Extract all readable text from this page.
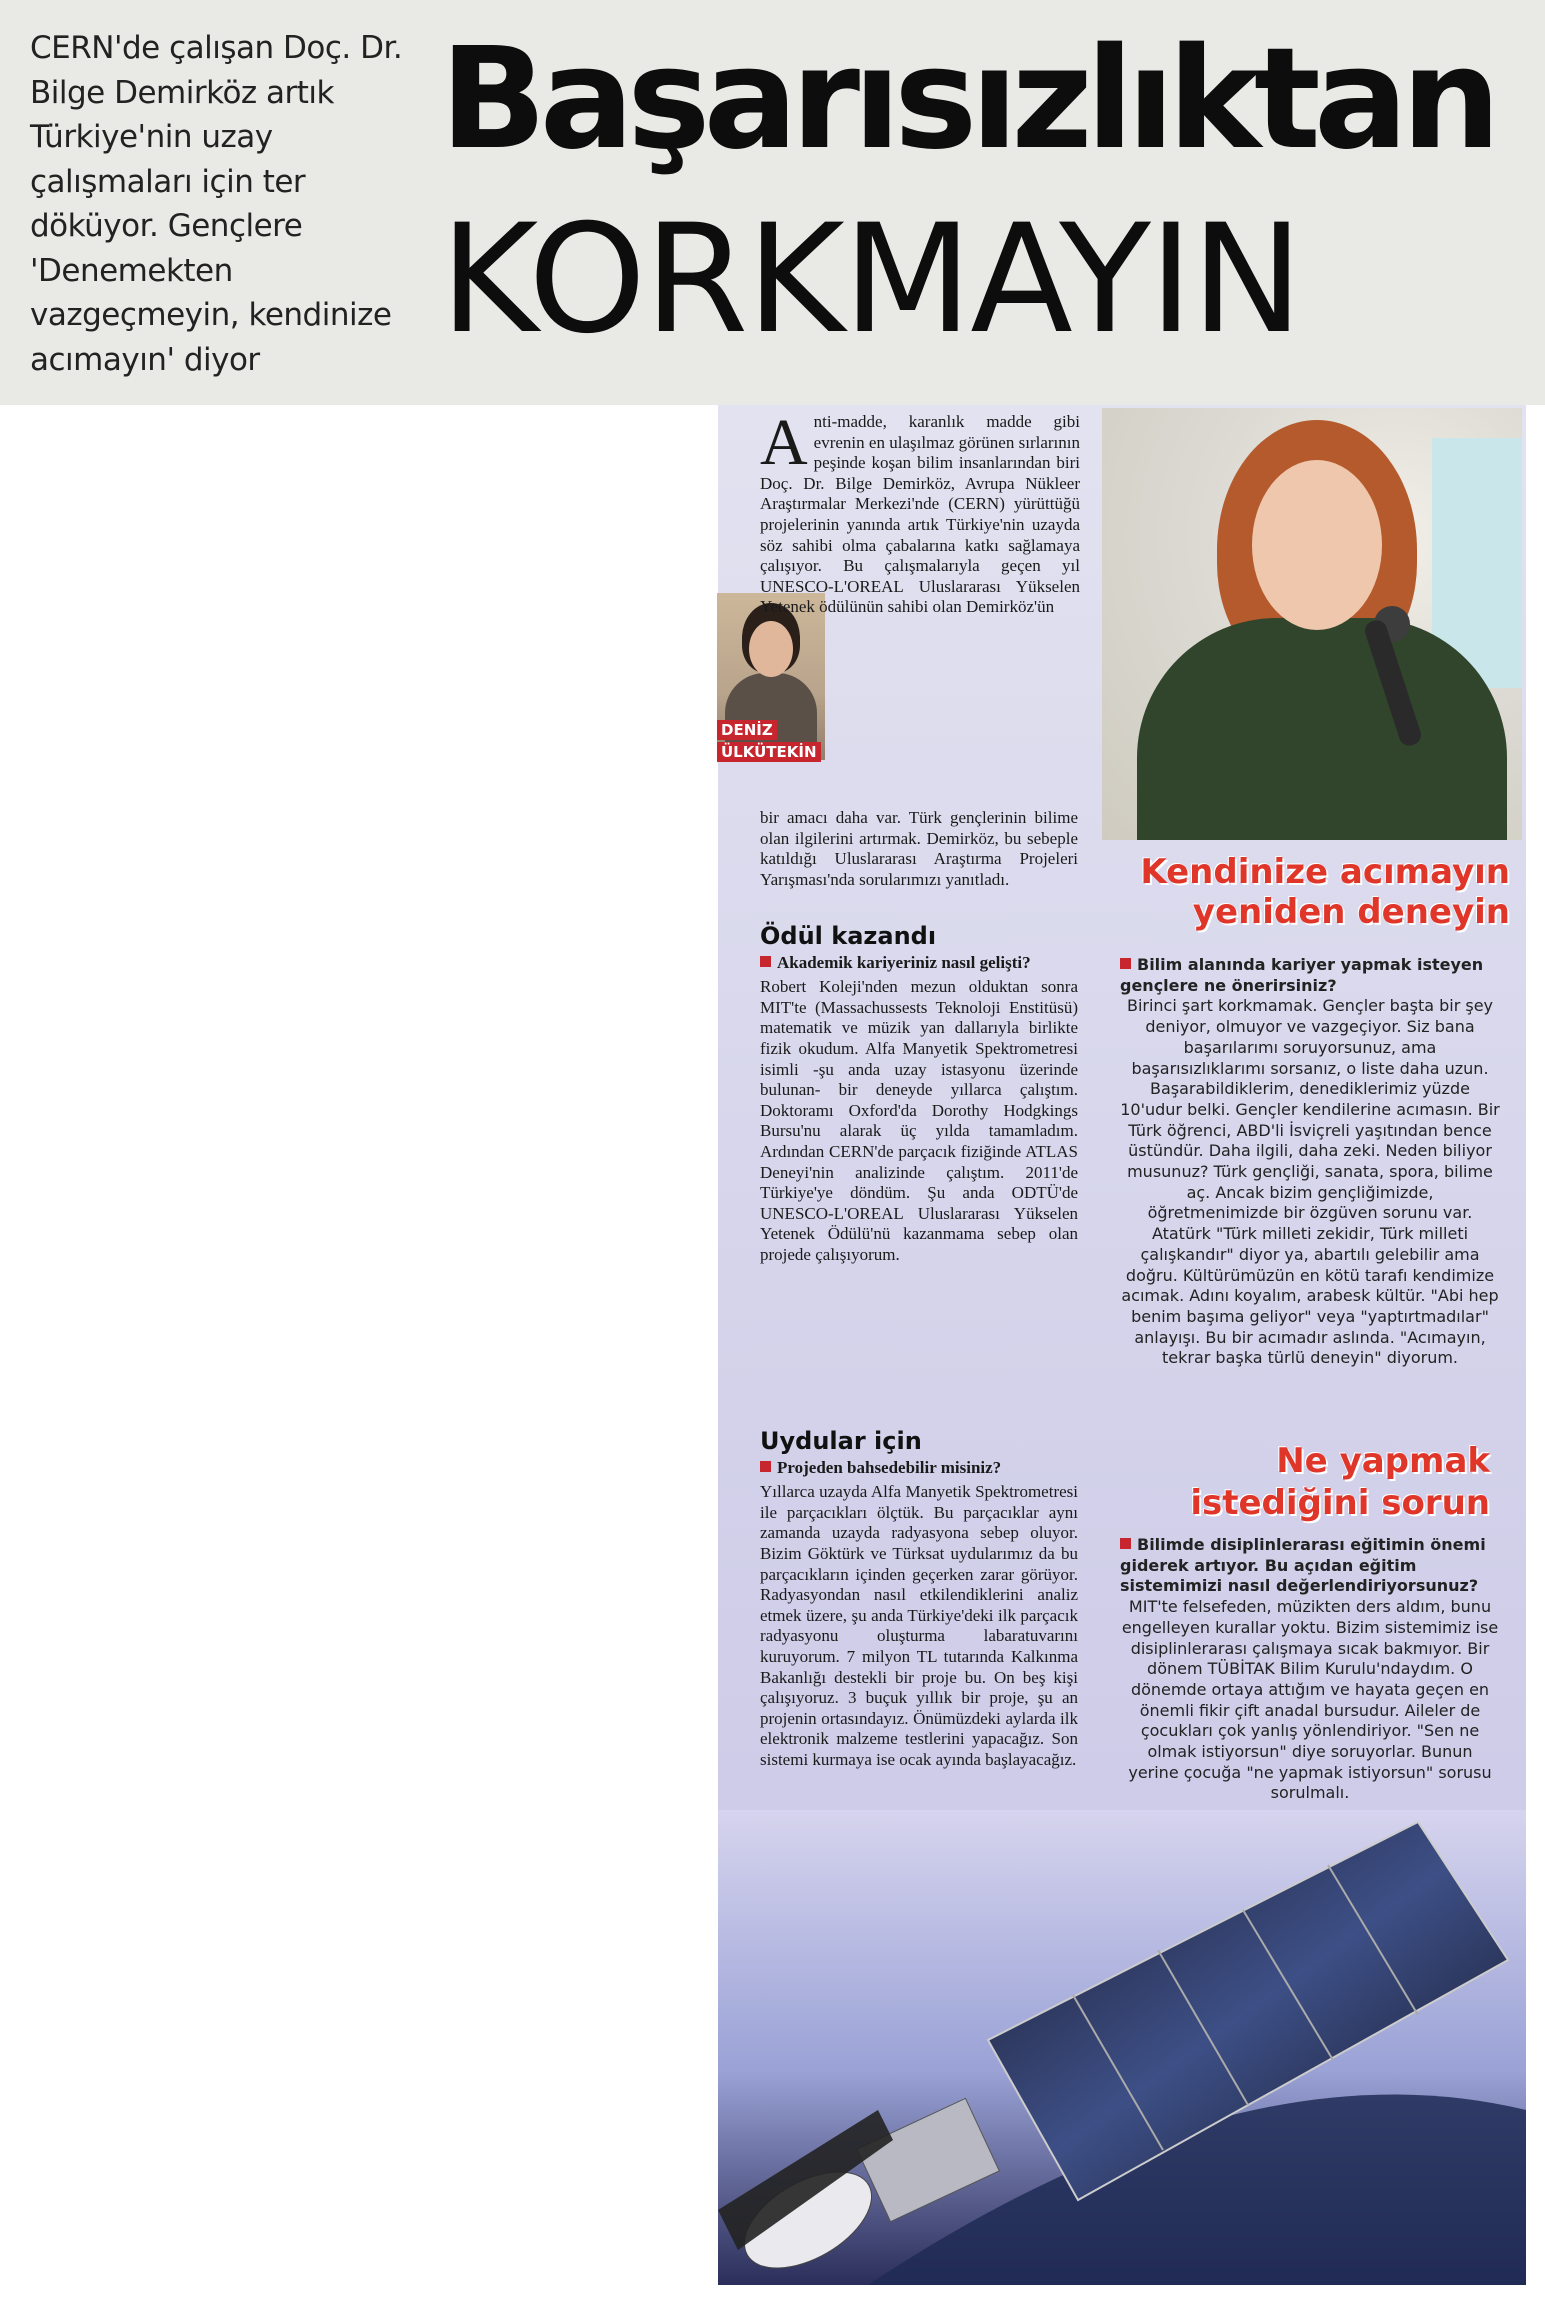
CERN'de çalışan Doç. Dr. Bilge Demirköz artık Türkiye'nin uzay çalışmaları için ter döküyor. Gençlere 'Denemekten vazgeçmeyin, kendinize acımayın' diyor
Başarısızlıktan
KORKMAYIN
DENİZ
ÜLKÜTEKİN
A nti-madde, karanlık madde gibi evrenin en ulaşılmaz görünen sırlarının peşinde koşan bilim insanlarından biri Doç. Dr. Bilge Demirköz, Avrupa Nükleer Araştırmalar Merkezi'nde (CERN) yürüttüğü projelerinin yanında artık Türkiye'nin uzayda söz sahibi olma çabalarına katkı sağlamaya çalışıyor. Bu çalışmalarıyla geçen yıl UNESCO-L'OREAL Uluslararası Yükselen Yetenek ödülünün sahibi olan Demirköz'ün

bir amacı daha var. Türk gençlerinin bilime olan ilgilerini artırmak. Demirköz, bu sebeple katıldığı Uluslararası Araştırma Projeleri Yarışması'nda sorularımızı yanıtladı.

Ödül kazandı
Akademik kariyeriniz nasıl gelişti?

Robert Koleji'nden mezun olduktan sonra MIT'te (Massachussests Teknoloji Enstitüsü) matematik ve müzik yan dallarıyla birlikte fizik okudum. Alfa Manyetik Spektrometresi isimli -şu anda uzay istasyonu üzerinde bulunan- bir deneyde yıllarca çalıştım. Doktoramı Oxford'da Dorothy Hodgkings Bursu'nu alarak üç yılda tamamladım. Ardından CERN'de parçacık fiziğinde ATLAS Deneyi'nin analizinde çalıştım. 2011'de Türkiye'ye döndüm. Şu anda ODTÜ'de UNESCO-L'OREAL Uluslararası Yükselen Yetenek Ödülü'nü kazanmama sebep olan projede çalışıyorum.

Uydular için
Projeden bahsedebilir misiniz?

Yıllarca uzayda Alfa Manyetik Spektrometresi ile parçacıkları ölçtük. Bu parçacıklar aynı zamanda uzayda radyasyona sebep oluyor. Bizim Göktürk ve Türksat uydularımız da bu parçacıkların içinden geçerken zarar görüyor. Radyasyondan nasıl etkilendiklerini analiz etmek üzere, şu anda Türkiye'deki ilk parçacık radyasyonu oluşturma labaratuvarını kuruyorum. 7 milyon TL tutarında Kalkınma Bakanlığı destekli bir proje bu. On beş kişi çalışıyoruz. 3 buçuk yıllık bir proje, şu an projenin ortasındayız. Önümüzdeki aylarda ilk elektronik malzeme testlerini yapacağız. Son sistemi kurmaya ise ocak ayında başlayacağız.

Kendinize acımayın
yeniden deneyin
Bilim alanında kariyer yapmak isteyen gençlere ne önerirsiniz?

Birinci şart korkmamak. Gençler başta bir şey deniyor, olmuyor ve vazgeçiyor. Siz bana başarılarımı soruyorsunuz, ama başarısızlıklarımı sorsanız, o liste daha uzun. Başarabildiklerim, denediklerimiz yüzde 10'udur belki. Gençler kendilerine acımasın. Bir Türk öğrenci, ABD'li İsviçreli yaşıtından bence üstündür. Daha ilgili, daha zeki. Neden biliyor musunuz? Türk gençliği, sanata, spora, bilime aç. Ancak bizim gençliğimizde, öğretmenimizde bir özgüven sorunu var. Atatürk "Türk milleti zekidir, Türk milleti çalışkandır" diyor ya, abartılı gelebilir ama doğru. Kültürümüzün en kötü tarafı kendimize acımak. Adını koyalım, arabesk kültür. "Abi hep benim başıma geliyor" veya "yaptırtmadılar" anlayışı. Bu bir acımadır aslında. "Acımayın, tekrar başka türlü deneyin" diyorum.

Ne yapmak
istediğini sorun
Bilimde disiplinlerarası eğitimin önemi giderek artıyor. Bu açıdan eğitim sistemimizi nasıl değerlendiriyorsunuz?

MIT'te felsefeden, müzikten ders aldım, bunu engelleyen kurallar yoktu. Bizim sistemimiz ise disiplinlerarası çalışmaya sıcak bakmıyor. Bir dönem TÜBİTAK Bilim Kurulu'ndaydım. O dönemde ortaya attığım ve hayata geçen en önemli fikir çift anadal bursudur. Aileler de çocukları çok yanlış yönlendiriyor. "Sen ne olmak istiyorsun" diye soruyorlar. Bunun yerine çocuğa "ne yapmak istiyorsun" sorusu sorulmalı.
